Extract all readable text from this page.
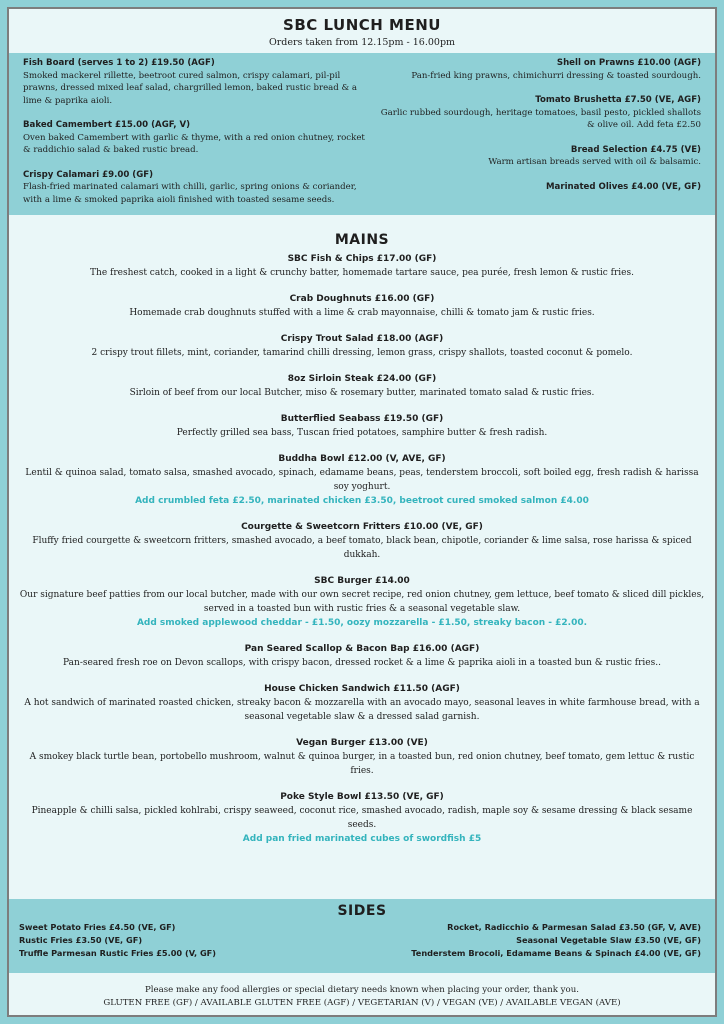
SBC LUNCH MENU
Orders taken from 12.15pm - 16.00pm
Fish Board (serves 1 to 2) £19.50 (AGF)
Smoked mackerel rillette, beetroot cured salmon, crispy calamari, pil-pil prawns, dressed mixed leaf salad, chargrilled lemon, baked rustic bread & a lime & paprika aioli.
Baked Camembert £15.00 (AGF, V)
Oven baked Camembert with garlic & thyme, with a red onion chutney, rocket & raddichio salad & baked rustic bread.
Crispy Calamari £9.00 (GF)
Flash-fried marinated calamari with chilli, garlic, spring onions & coriander, with a lime & smoked paprika aioli finished with toasted sesame seeds.
Shell on Prawns £10.00 (AGF)
Pan-fried king prawns, chimichurri dressing & toasted sourdough.
Tomato Brushetta £7.50 (VE, AGF)
Garlic rubbed sourdough, heritage tomatoes, basil pesto, pickled shallots & olive oil. Add feta £2.50
Bread Selection £4.75 (VE)
Warm artisan breads served with oil & balsamic.
Marinated Olives £4.00 (VE, GF)
MAINS
SBC Fish & Chips £17.00 (GF)
The freshest catch, cooked in a light & crunchy batter, homemade tartare sauce, pea purée, fresh lemon & rustic fries.
Crab Doughnuts £16.00 (GF)
Homemade crab doughnuts stuffed with a lime & crab mayonnaise, chilli & tomato jam & rustic fries.
Crispy Trout Salad £18.00 (AGF)
2 crispy trout fillets, mint, coriander, tamarind chilli dressing, lemon grass, crispy shallots, toasted coconut & pomelo.
8oz Sirloin Steak £24.00 (GF)
Sirloin of beef from our local Butcher, miso & rosemary butter, marinated tomato salad & rustic fries.
Butterflied Seabass £19.50 (GF)
Perfectly grilled sea bass, Tuscan fried potatoes, samphire butter & fresh radish.
Buddha Bowl £12.00 (V, AVE, GF)
Lentil & quinoa salad, tomato salsa, smashed avocado, spinach, edamame beans, peas, tenderstem broccoli, soft boiled egg, fresh radish & harissa soy yoghurt.
Add crumbled feta £2.50, marinated chicken £3.50, beetroot cured smoked salmon £4.00
Courgette & Sweetcorn Fritters £10.00 (VE, GF)
Fluffy fried courgette & sweetcorn fritters, smashed avocado, a beef tomato, black bean, chipotle, coriander & lime salsa, rose harissa & spiced dukkah.
SBC Burger £14.00
Our signature beef patties from our local butcher, made with our own secret recipe, red onion chutney, gem lettuce, beef tomato & sliced dill pickles, served in a toasted bun with rustic fries & a seasonal vegetable slaw.
Add smoked applewood cheddar - £1.50, oozy mozzarella - £1.50, streaky bacon - £2.00.
Pan Seared Scallop & Bacon Bap £16.00 (AGF)
Pan-seared fresh roe on Devon scallops, with crispy bacon, dressed rocket & a lime & paprika aioli in a toasted bun & rustic fries..
House Chicken Sandwich £11.50 (AGF)
A hot sandwich of marinated roasted chicken, streaky bacon & mozzarella with an avocado mayo, seasonal leaves in white farmhouse bread, with a seasonal vegetable slaw & a dressed salad garnish.
Vegan Burger £13.00 (VE)
A smokey black turtle bean, portobello mushroom, walnut & quinoa burger, in a toasted bun, red onion chutney, beef tomato, gem lettuc & rustic fries.
Poke Style Bowl £13.50 (VE, GF)
Pineapple & chilli salsa, pickled kohlrabi, crispy seaweed, coconut rice, smashed avocado, radish, maple soy & sesame dressing & black sesame seeds.
Add pan fried marinated cubes of swordfish £5
SIDES
Sweet Potato Fries £4.50 (VE, GF)
Rustic Fries £3.50 (VE, GF)
Truffle Parmesan Rustic Fries £5.00 (V, GF)
Rocket, Radicchio & Parmesan Salad £3.50 (GF, V, AVE)
Seasonal Vegetable Slaw £3.50 (VE, GF)
Tenderstem Brocoli, Edamame Beans & Spinach £4.00 (VE, GF)
Please make any food allergies or special dietary needs known when placing your order, thank you.
GLUTEN FREE (GF) / AVAILABLE GLUTEN FREE (AGF) / VEGETARIAN (V) / VEGAN (VE) / AVAILABLE VEGAN (AVE)
